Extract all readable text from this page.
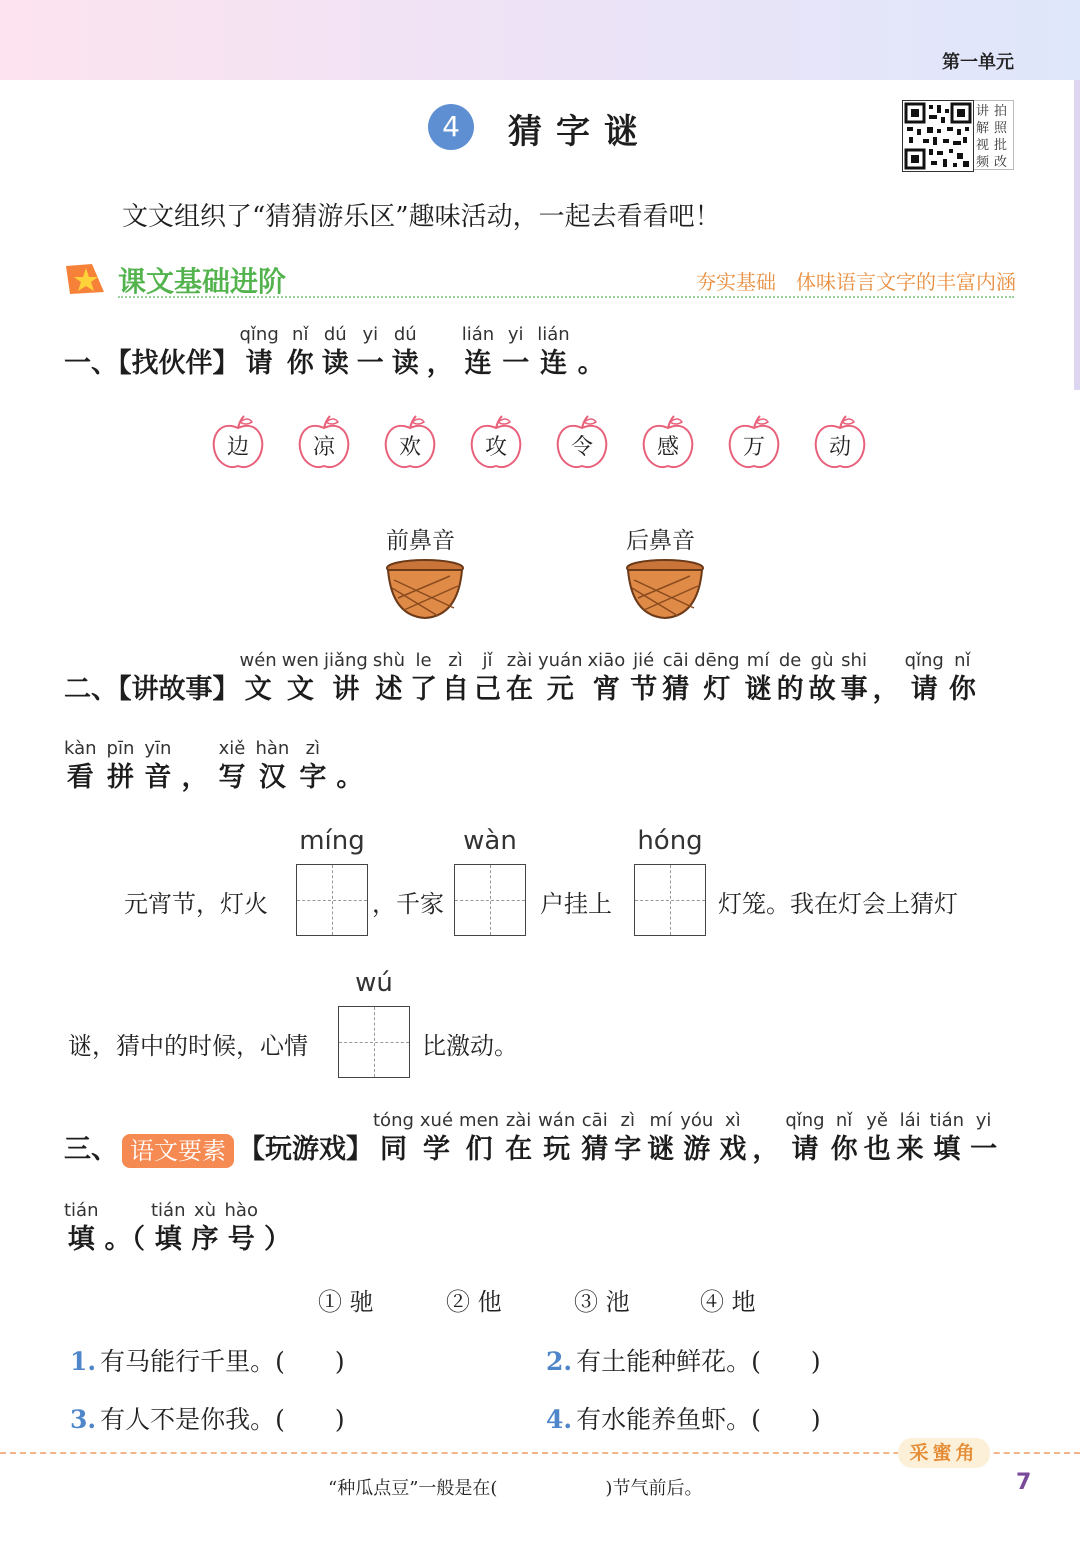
第一单元
4	猜字谜
讲 拍
解 照
视 批
频 改
文文组织了“猜猜游乐区”趣味活动，一起去看看吧！
课文基础进阶	夯实基础　体味语言文字的丰富内涵
一、【找伙伴】
qǐng
请
nǐ
你
dú
读
yi
一
dú
读 ，
lián
连
yi
一
lián
连 。
边	凉	欢	攻	令	感	万	动
前鼻音	后鼻音
二、【讲故事】
wén
文
wen
文
jiǎng
讲
shù
述
le
了
zì
自
jǐ
己
zài
在
yuán
元
xiāo
宵
jié
节
cāi
猜
dēng
灯
mí
谜
de
的
gù
故
shi
事 ，
qǐng
请
nǐ
你
kàn
看
pīn
拼
yīn
音 ，
xiě
写
hàn
汉
zì
字 。
míng	wàn	hóng
元宵节，灯火	，千家	户挂上	灯笼。我在灯会上猜灯
wú
谜，猜中的时候，心情	比激动。
三、 语文要素 【玩游戏】
tóng
同
xué
学
men
们
zài
在
wán
玩
cāi
猜
zì
字
mí
谜
yóu
游
xì
戏 ，
qǐng
请
nǐ
你
yě
也
lái
来
tián
填
yi
一
tián
填 。（
tián
填
xù
序
hào
号 ）
① 驰	② 他	③ 池	④ 地
1. 有马能行千里。(　　)	2. 有土能种鲜花。(　　)
3. 有人不是你我。(　　)	4. 有水能养鱼虾。(　　)
采蜜角
“种瓜点豆”一般是在(　　　　　　)节气前后。	7
